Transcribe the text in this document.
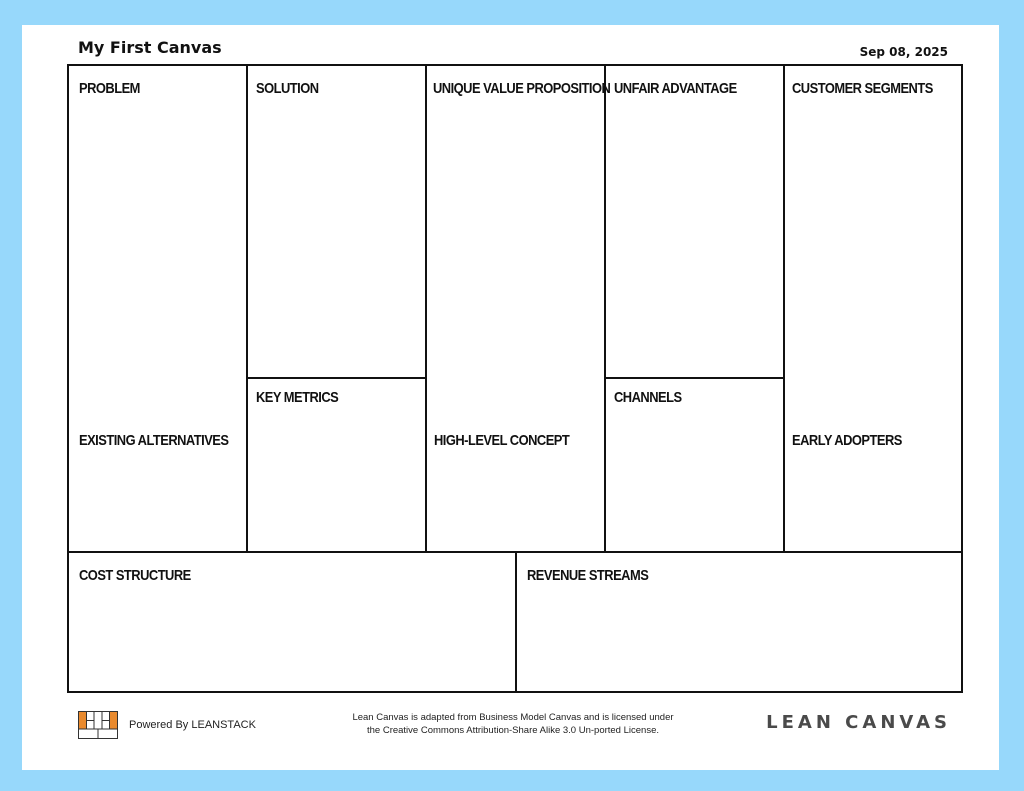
My First Canvas	Sep 08, 2025
PROBLEM
EXISTING ALTERNATIVES
SOLUTION
KEY METRICS
UNIQUE VALUE PROPOSITION
HIGH-LEVEL CONCEPT
UNFAIR ADVANTAGE
CHANNELS
CUSTOMER SEGMENTS
EARLY ADOPTERS
COST STRUCTURE	REVENUE STREAMS
Powered By LEANSTACK
Lean Canvas is adapted from Business Model Canvas and is licensed under
the Creative Commons Attribution-Share Alike 3.0 Un-ported License.	LEAN CANVAS
